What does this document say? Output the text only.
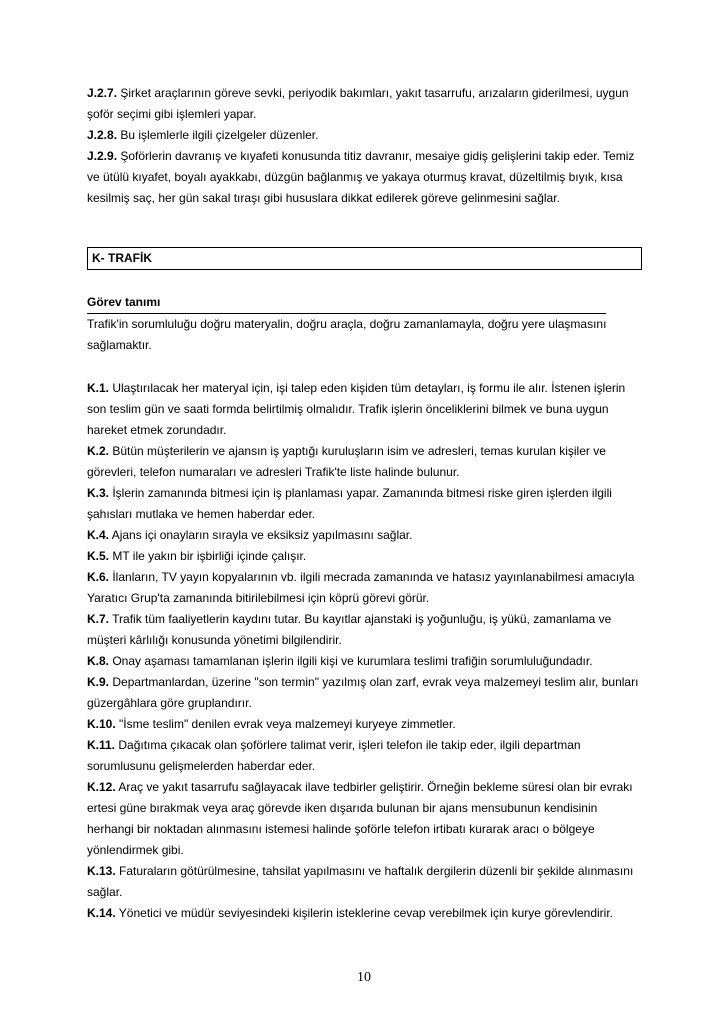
J.2.7. Şirket araçlarının göreve sevki, periyodik bakımları, yakıt tasarrufu, arızaların giderilmesi, uygun şoför seçimi gibi işlemleri yapar.

J.2.8. Bu işlemlerle ilgili çizelgeler düzenler.

J.2.9. Şoförlerin davranış ve kıyafeti konusunda titiz davranır, mesaiye gidiş gelişlerini takip eder. Temiz ve ütülü kıyafet, boyalı ayakkabı, düzgün bağlanmış ve yakaya oturmuş kravat, düzeltilmiş bıyık, kısa kesilmiş saç, her gün sakal tıraşı gibi hususlara dikkat edilerek göreve gelinmesini sağlar.

K- TRAFİK
Görev tanımı

Trafik'in sorumluluğu doğru materyalin, doğru araçla, doğru zamanlamayla, doğru yere ulaşmasını sağlamaktır.

K.1. Ulaştırılacak her materyal için, işi talep eden kişiden tüm detayları, iş formu ile alır. İstenen işlerin son teslim gün ve saati formda belirtilmiş olmalıdır. Trafik işlerin önceliklerini bilmek ve buna uygun hareket etmek zorundadır.

K.2. Bütün müşterilerin ve ajansın iş yaptığı kuruluşların isim ve adresleri, temas kurulan kişiler ve görevleri, telefon numaraları ve adresleri Trafik'te liste halinde bulunur.

K.3. İşlerin zamanında bitmesi için iş planlaması yapar. Zamanında bitmesi riske giren işlerden ilgili şahısları mutlaka ve hemen haberdar eder.

K.4. Ajans içi onayların sırayla ve eksiksiz yapılmasını sağlar.

K.5. MT ile yakın bir işbirliği içinde çalışır.

K.6. İlanların, TV yayın kopyalarının vb. ilgili mecrada zamanında ve hatasız yayınlanabilmesi amacıyla Yaratıcı Grup'ta zamanında bitirilebilmesi için köprü görevi görür.

K.7. Trafik tüm faaliyetlerin kaydını tutar. Bu kayıtlar ajanstaki iş yoğunluğu, iş yükü, zamanlama ve müşteri kârlılığı konusunda yönetimi bilgilendirir.

K.8. Onay aşaması tamamlanan işlerin ilgili kişi ve kurumlara teslimi trafiğin sorumluluğundadır.

K.9. Departmanlardan, üzerine "son termin" yazılmış olan zarf, evrak veya malzemeyi teslim alır, bunları güzergâhlara göre gruplandırır.

K.10. "İsme teslim" denilen evrak veya malzemeyi kuryeye zimmetler.

K.11. Dağıtıma çıkacak olan şoförlere talimat verir, işleri telefon ile takip eder, ilgili departman sorumlusunu gelişmelerden haberdar eder.

K.12. Araç ve yakıt tasarrufu sağlayacak ilave tedbirler geliştirir. Örneğin bekleme süresi olan bir evrakı ertesi güne bırakmak veya araç görevde iken dışarıda bulunan bir ajans mensubunun kendisinin herhangi bir noktadan alınmasını istemesi halinde şoförle telefon irtibatı kurarak aracı o bölgeye yönlendirmek gibi.

K.13. Faturaların götürülmesine, tahsilat yapılmasını ve haftalık dergilerin düzenli bir şekilde alınmasını sağlar.

K.14. Yönetici ve müdür seviyesindeki kişilerin isteklerine cevap verebilmek için kurye görevlendirir.

10
